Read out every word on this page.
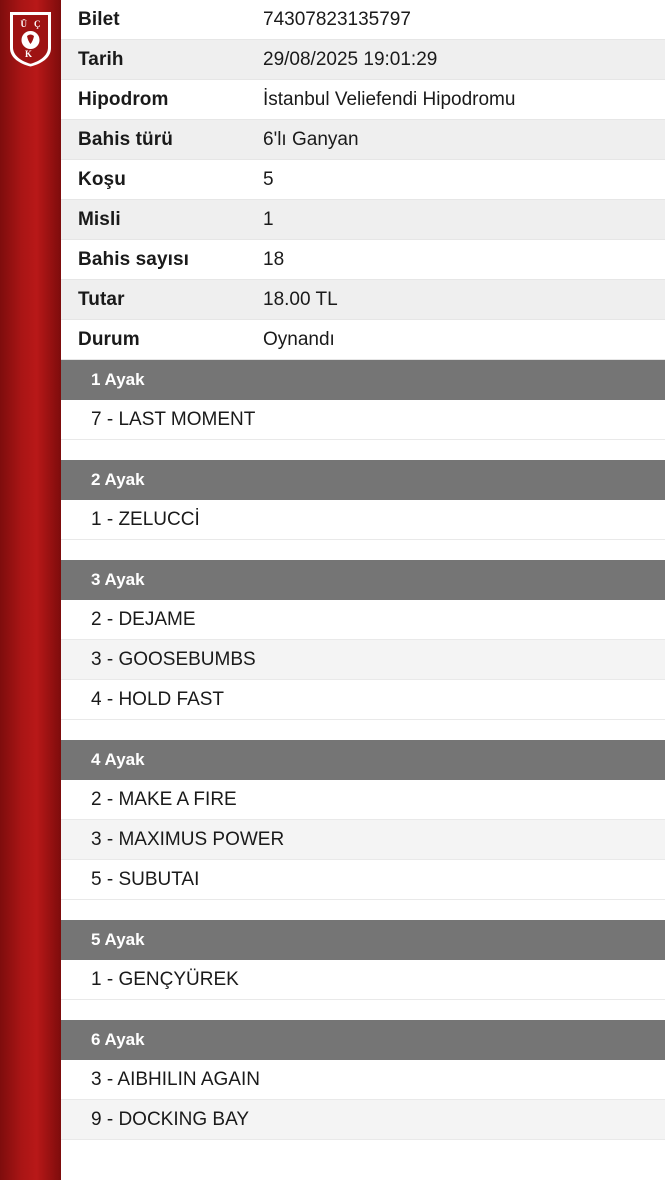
Ü Ç
K
Bilet	74307823135797
Tarih	29/08/2025 19:01:29
Hipodrom	İstanbul Veliefendi Hipodromu
Bahis türü	6'lı Ganyan
Koşu	5
Misli	1
Bahis sayısı	18
Tutar	18.00 TL
Durum	Oynandı
1 Ayak
7 - LAST MOMENT
2 Ayak
1 - ZELUCCİ
3 Ayak
2 - DEJAME
3 - GOOSEBUMBS
4 - HOLD FAST
4 Ayak
2 - MAKE A FIRE
3 - MAXIMUS POWER
5 - SUBUTAI
5 Ayak
1 - GENÇYÜREK
6 Ayak
3 - AIBHILIN AGAIN
9 - DOCKING BAY
